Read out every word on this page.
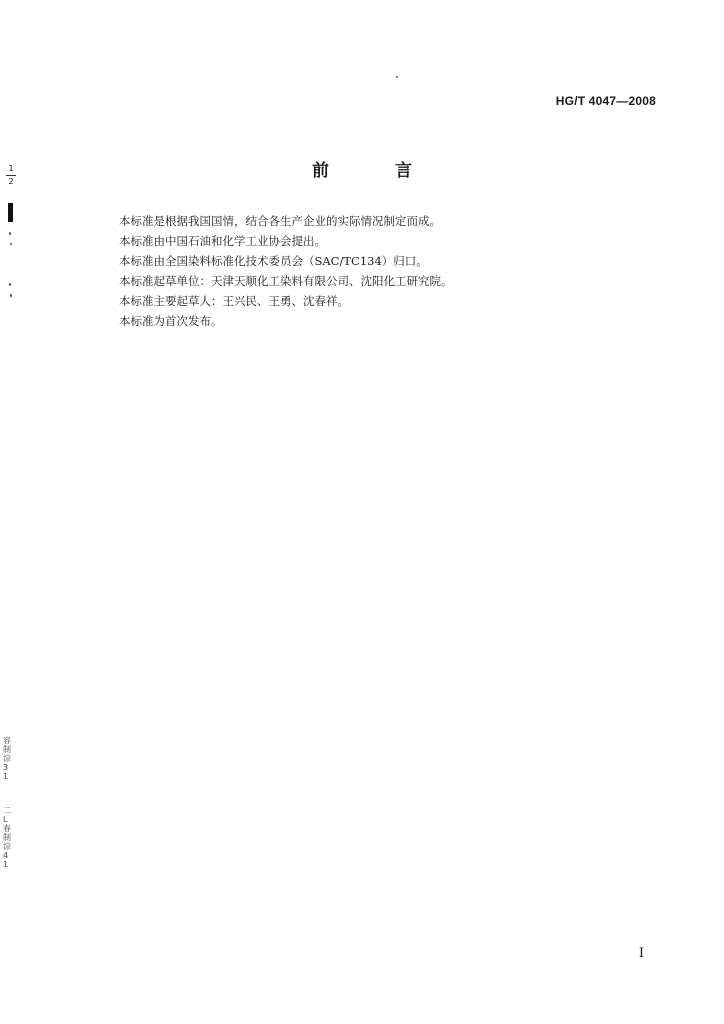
HG/T 4047—2008
前 言
本标准是根据我国国情，结合各生产企业的实际情况制定而成。
本标准由中国石油和化学工业协会提出。
本标准由全国染料标准化技术委员会（SAC/TC134）归口。
本标准起草单位：天津天顺化工染料有限公司、沈阳化工研究院。
本标准主要起草人：王兴民、王勇、沈春祥。
本标准为首次发布。
I
1
2
容制淙 3 1
二 L 春制淙 4 1
